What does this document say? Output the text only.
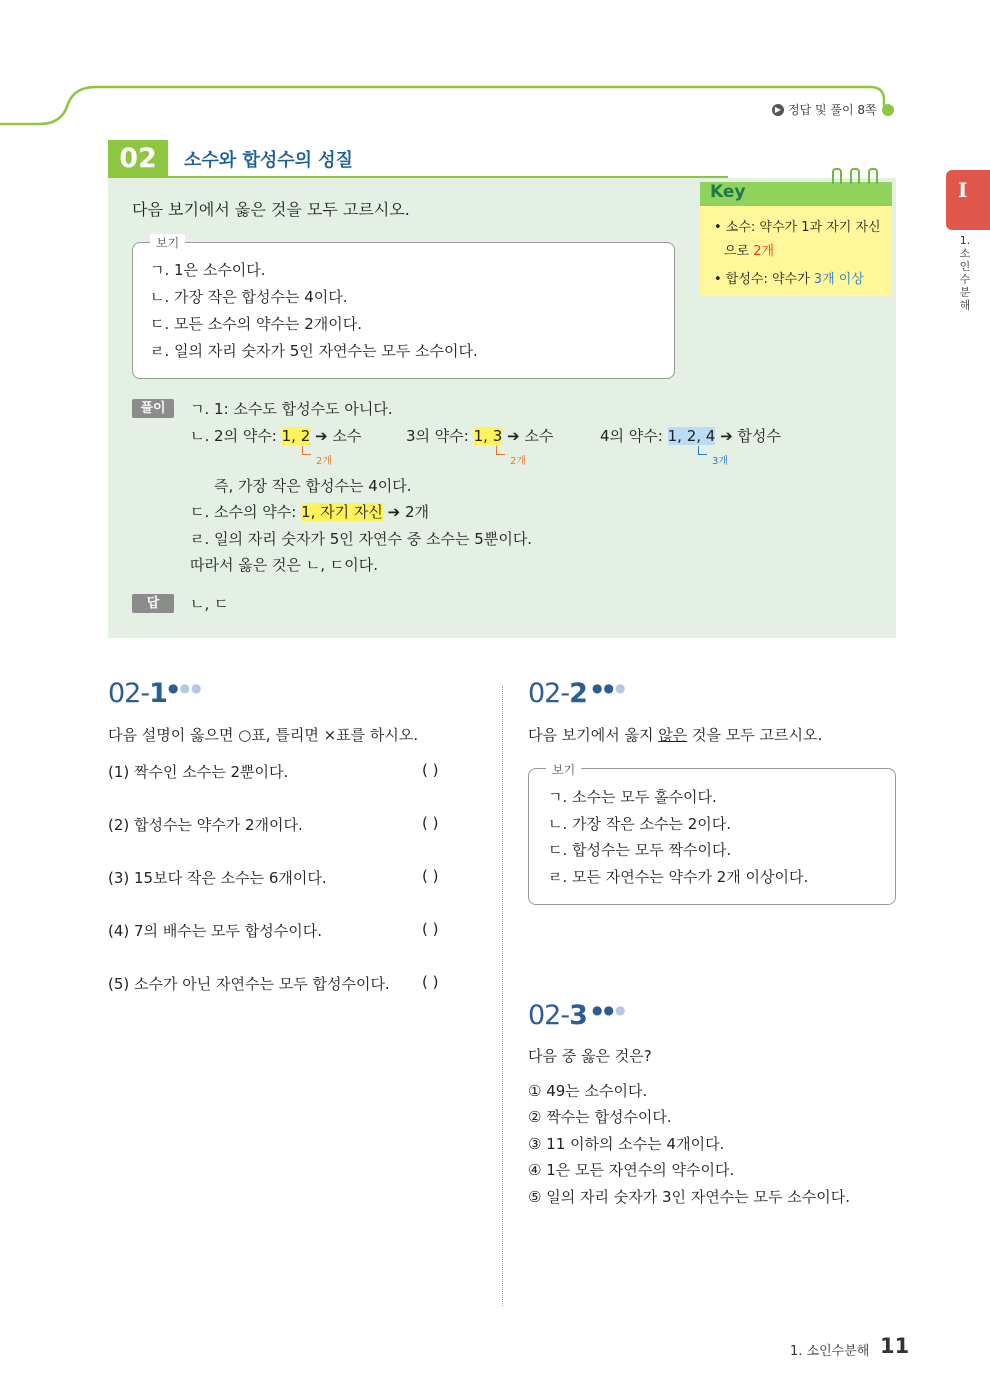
▶ 정답 및 풀이 8쪽
I
1. 소인수분해
02	소수와 합성수의 성질
다음 보기에서 옳은 것을 모두 고르시오.
보기
ㄱ. 1은 소수이다.
ㄴ. 가장 작은 합성수는 4이다.
ㄷ. 모든 소수의 약수는 2개이다.
ㄹ. 일의 자리 숫자가 5인 자연수는 모두 소수이다.
Key
• 소수: 약수가 1과 자기 자신
으로 2개
• 합성수: 약수가 3개 이상
풀이	ㄱ. 1: 소수도 합성수도 아니다.
ㄴ. 2의 약수: 1, 2 ➔ 소수	3의 약수: 1, 3 ➔ 소수	4의 약수: 1, 2, 4 ➔ 합성수
2개	2개	3개
즉, 가장 작은 합성수는 4이다.
ㄷ. 소수의 약수: 1, 자기 자신 ➔ 2개
ㄹ. 일의 자리 숫자가 5인 자연수 중 소수는 5뿐이다.
따라서 옳은 것은 ㄴ, ㄷ이다.
답	ㄴ, ㄷ
02-1 ●●●
다음 설명이 옳으면 ○표, 틀리면 ×표를 하시오.
(1) 짝수인 소수는 2뿐이다.	( )
(2) 합성수는 약수가 2개이다.	( )
(3) 15보다 작은 소수는 6개이다.	( )
(4) 7의 배수는 모두 합성수이다.	( )
(5) 소수가 아닌 자연수는 모두 합성수이다. ( )
02-2 ●●●
다음 보기에서 옳지 않은 것을 모두 고르시오.
보기
ㄱ. 소수는 모두 홀수이다.
ㄴ. 가장 작은 소수는 2이다.
ㄷ. 합성수는 모두 짝수이다.
ㄹ. 모든 자연수는 약수가 2개 이상이다.
02-3 ●●●
다음 중 옳은 것은?
① 49는 소수이다.
② 짝수는 합성수이다.
③ 11 이하의 소수는 4개이다.
④ 1은 모든 자연수의 약수이다.
⑤ 일의 자리 숫자가 3인 자연수는 모두 소수이다.
1. 소인수분해 11
